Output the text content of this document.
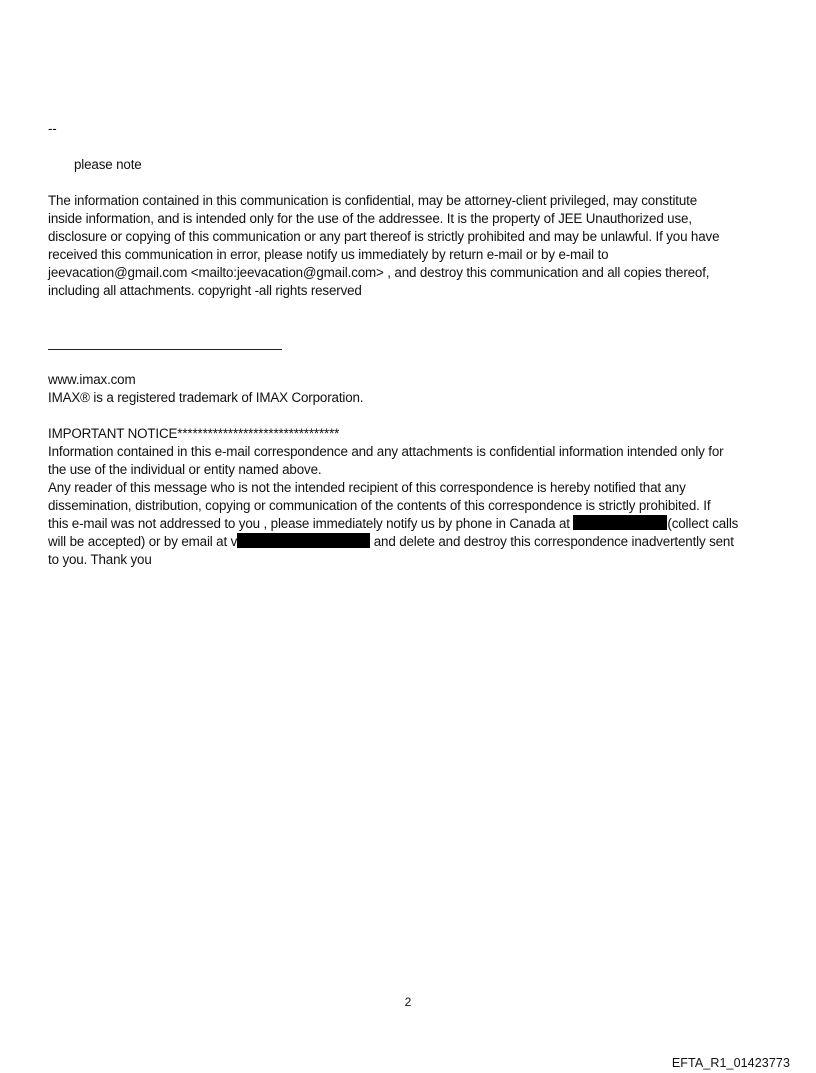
--
please note
The information contained in this communication is confidential, may be attorney-client privileged, may constitute
inside information, and is intended only for the use of the addressee. It is the property of JEE Unauthorized use,
disclosure or copying of this communication or any part thereof is strictly prohibited and may be unlawful. If you have
received this communication in error, please notify us immediately by return e-mail or by e-mail to
jeevacation@gmail.com <mailto:jeevacation@gmail.com> , and destroy this communication and all copies thereof,
including all attachments. copyright -all rights reserved
www.imax.com
IMAX® is a registered trademark of IMAX Corporation.
IMPORTANT NOTICE********************************
Information contained in this e-mail correspondence and any attachments is confidential information intended only for
the use of the individual or entity named above.
Any reader of this message who is not the intended recipient of this correspondence is hereby notified that any
dissemination, distribution, copying or communication of the contents of this correspondence is strictly prohibited. If
this e-mail was not addressed to you , please immediately notify us by phone in Canada at	(collect calls
will be accepted) or by email at v	and delete and destroy this correspondence inadvertently sent
to you. Thank you
2
EFTA_R1_01423773
